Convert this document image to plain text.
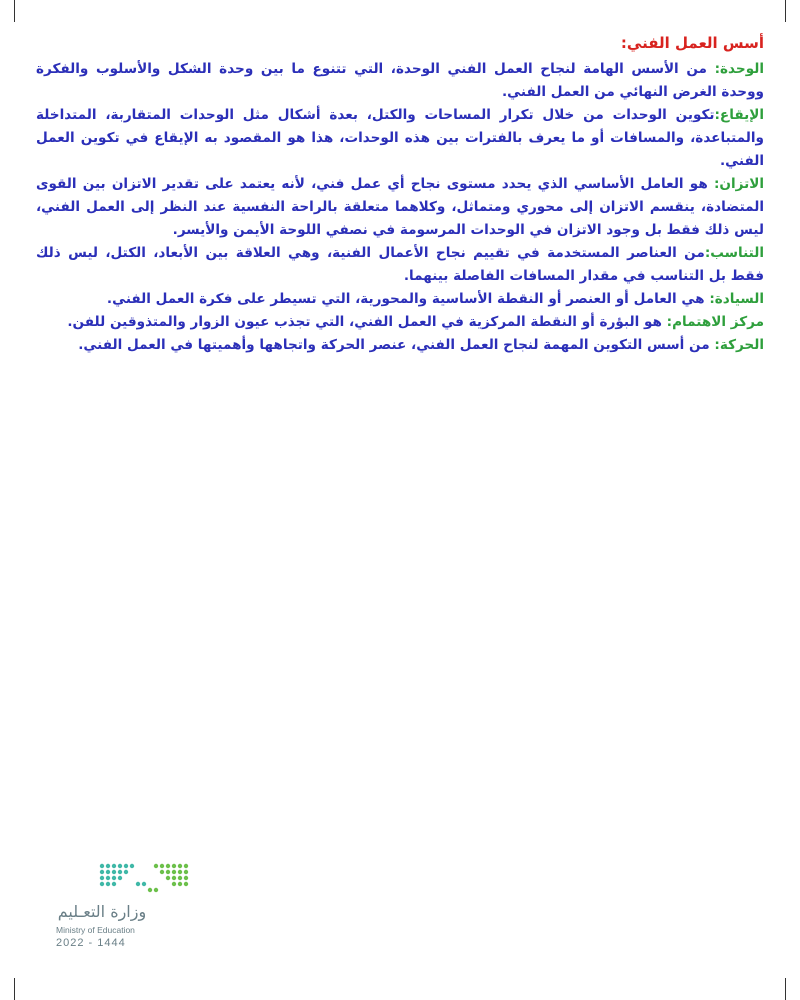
أسس العمل الفني:

الوحدة: من الأسس الهامة لنجاح العمل الفني الوحدة، التي تتنوع ما بين وحدة الشكل والأسلوب والفكرة ووحدة الغرض النهائي من العمل الفني.

الإيقاع:تكوين الوحدات من خلال تكرار المساحات والكتل، بعدة أشكال مثل الوحدات المتقاربة، المتداخلة والمتباعدة، والمسافات أو ما يعرف بالفترات بين هذه الوحدات، هذا هو المقصود به الإيقاع في تكوين العمل الفني.

الاتزان: هو العامل الأساسي الذي يحدد مستوى نجاح أي عمل فني، لأنه يعتمد على تقدير الاتزان بين القوى المتضادة، ينقسم الاتزان إلى محوري ومتماثل، وكلاهما متعلقة بالراحة النفسية عند النظر إلى العمل الفني، ليس ذلك فقط بل وجود الاتزان في الوحدات المرسومة في نصفي اللوحة الأيمن والأيسر.

التناسب:من العناصر المستخدمة في تقييم نجاح الأعمال الفنية، وهي العلاقة بين الأبعاد، الكتل، ليس ذلك فقط بل التناسب في مقدار المسافات الفاصلة بينهما.

السيادة: هي العامل أو العنصر أو النقطة الأساسية والمحورية، التي تسيطر على فكرة العمل الفني.

مركز الاهتمام: هو البؤرة أو النقطة المركزية في العمل الفني، التي تجذب عيون الزوار والمتذوقين للفن.

الحركة: من أسس التكوين المهمة لنجاح العمل الفني، عنصر الحركة واتجاهها وأهميتها في العمل الفني.

وزارة التعـليم
Ministry of Education
2022 - 1444
